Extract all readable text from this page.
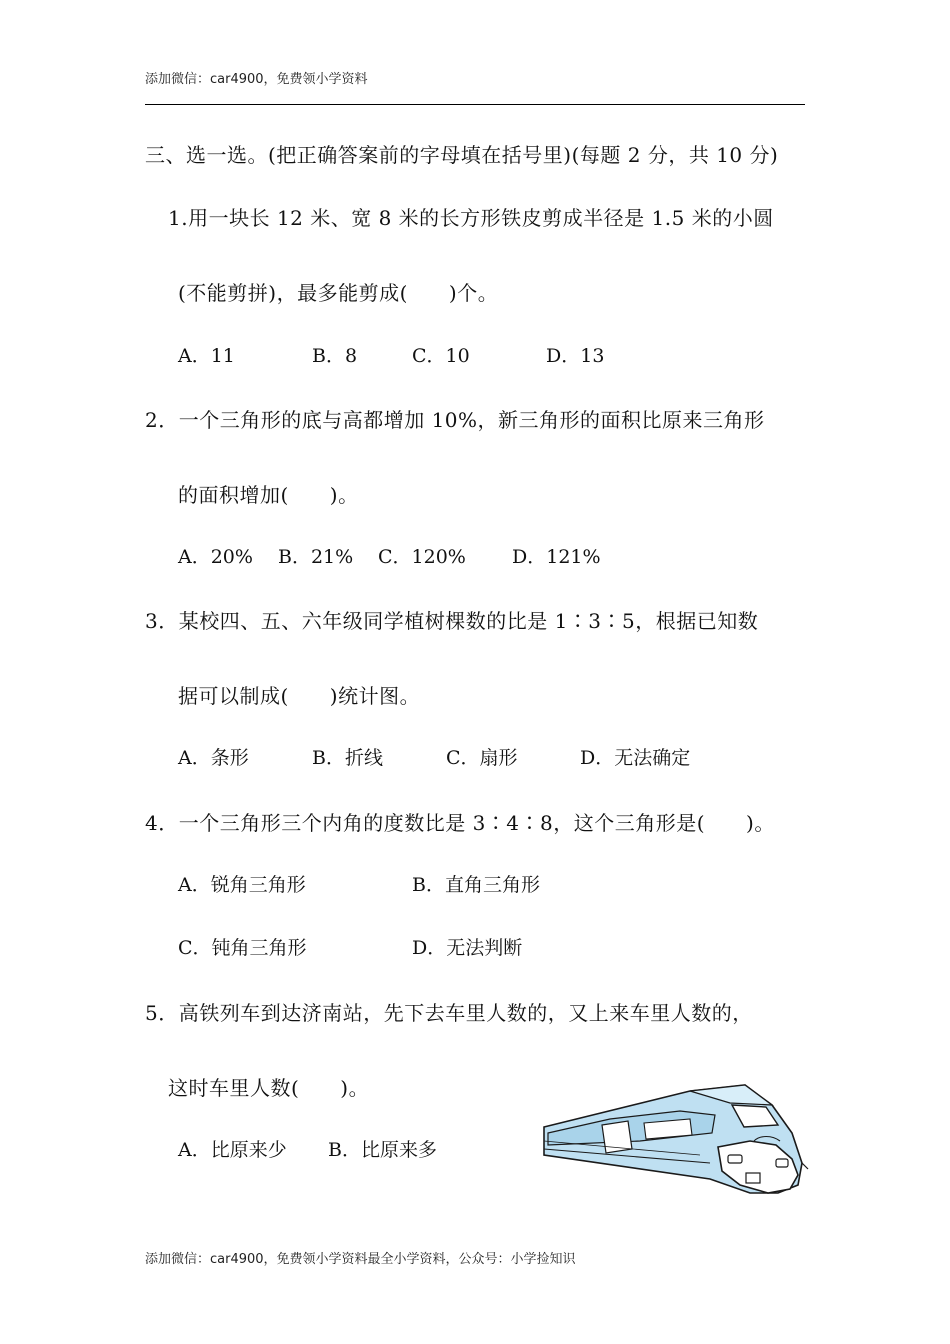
添加微信：car4900，免费领小学资料
三、选一选。(把正确答案前的字母填在括号里)(每题 2 分，共 10 分)
1.用一块长 12 米、宽 8 米的长方形铁皮剪成半径是 1.5 米的小圆
(不能剪拼)，最多能剪成(　　)个。
A．11	B．8	C．10	D．13
2．一个三角形的底与高都增加 10%，新三角形的面积比原来三角形
的面积增加(　　)。
A．20% B．21% C．120% D．121%
3．某校四、五、六年级同学植树棵数的比是 1∶3∶5，根据已知数
据可以制成(　　)统计图。
A．条形	B．折线	C．扇形	D．无法确定
4．一个三角形三个内角的度数比是 3∶4∶8，这个三角形是(　　)。
A．锐角三角形	B．直角三角形
C．钝角三角形	D．无法判断
5．高铁列车到达济南站，先下去车里人数的，又上来车里人数的，
这时车里人数(　　)。
A．比原来少 B．比原来多
添加微信：car4900，免费领小学资料最全小学资料，公众号：小学捡知识
